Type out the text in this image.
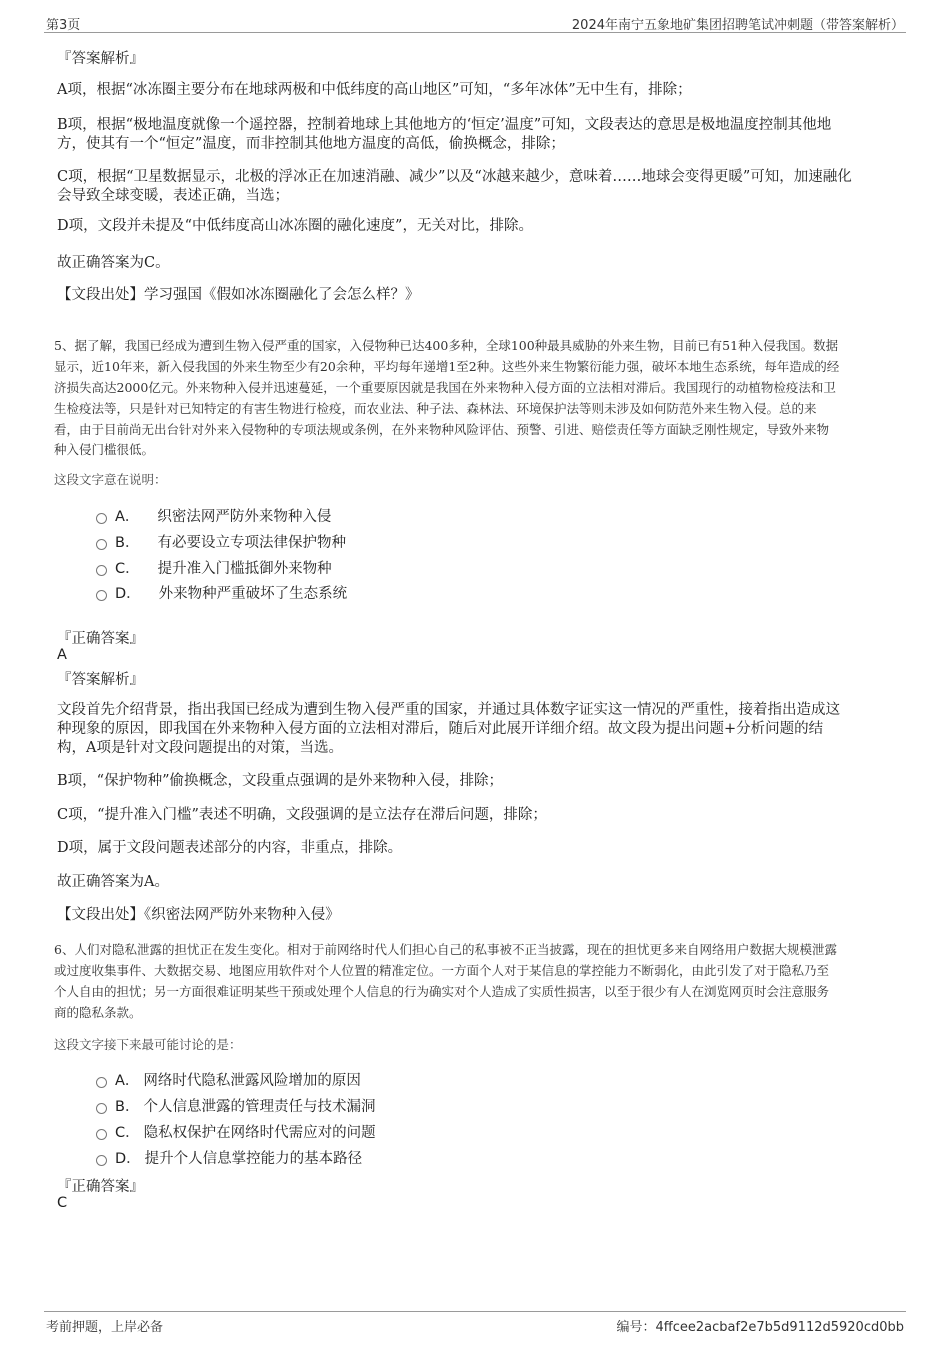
第3页	2024年南宁五象地矿集团招聘笔试冲刺题（带答案解析）
『答案解析』
A项，根据“冰冻圈主要分布在地球两极和中低纬度的高山地区”可知，“多年冰体”无中生有，排除；
B项，根据“极地温度就像一个遥控器，控制着地球上其他地方的‘恒定’温度”可知，文段表达的意思是极地温度控制其他地
方，使其有一个“恒定”温度，而非控制其他地方温度的高低，偷换概念，排除；
C项，根据“卫星数据显示，北极的浮冰正在加速消融、减少”以及“冰越来越少，意味着……地球会变得更暖”可知，加速融化
会导致全球变暖，表述正确，当选；
D项，文段并未提及“中低纬度高山冰冻圈的融化速度”，无关对比，排除。
故正确答案为C。
【文段出处】学习强国《假如冰冻圈融化了会怎么样？》
5、据了解，我国已经成为遭到生物入侵严重的国家，入侵物种已达400多种，全球100种最具威胁的外来生物，目前已有51种入侵我国。数据
显示，近10年来，新入侵我国的外来生物至少有20余种，平均每年递增1至2种。这些外来生物繁衍能力强，破坏本地生态系统，每年造成的经
济损失高达2000亿元。外来物种入侵并迅速蔓延，一个重要原因就是我国在外来物种入侵方面的立法相对滞后。我国现行的动植物检疫法和卫
生检疫法等，只是针对已知特定的有害生物进行检疫，而农业法、种子法、森林法、环境保护法等则未涉及如何防范外来生物入侵。总的来
看，由于目前尚无出台针对外来入侵物种的专项法规或条例，在外来物种风险评估、预警、引进、赔偿责任等方面缺乏刚性规定，导致外来物
种入侵门槛很低。
这段文字意在说明：
A． 织密法网严防外来物种入侵
B． 有必要设立专项法律保护物种
C． 提升准入门槛抵御外来物种
D． 外来物种严重破坏了生态系统
『正确答案』
A
『答案解析』
文段首先介绍背景，指出我国已经成为遭到生物入侵严重的国家，并通过具体数字证实这一情况的严重性，接着指出造成这
种现象的原因，即我国在外来物种入侵方面的立法相对滞后，随后对此展开详细介绍。故文段为提出问题+分析问题的结
构，A项是针对文段问题提出的对策，当选。
B项，“保护物种”偷换概念，文段重点强调的是外来物种入侵，排除；
C项，“提升准入门槛”表述不明确，文段强调的是立法存在滞后问题，排除；
D项，属于文段问题表述部分的内容，非重点，排除。
故正确答案为A。
【文段出处】《织密法网严防外来物种入侵》
6、人们对隐私泄露的担忧正在发生变化。相对于前网络时代人们担心自己的私事被不正当披露，现在的担忧更多来自网络用户数据大规模泄露
或过度收集事件、大数据交易、地图应用软件对个人位置的精准定位。一方面个人对于某信息的掌控能力不断弱化，由此引发了对于隐私乃至
个人自由的担忧；另一方面很难证明某些干预或处理个人信息的行为确实对个人造成了实质性损害，以至于很少有人在浏览网页时会注意服务
商的隐私条款。
这段文字接下来最可能讨论的是：
A． 网络时代隐私泄露风险增加的原因
B． 个人信息泄露的管理责任与技术漏洞
C． 隐私权保护在网络时代需应对的问题
D． 提升个人信息掌控能力的基本路径
『正确答案』
C
考前押题，上岸必备	编号：4ffcee2acbaf2e7b5d9112d5920cd0bb
